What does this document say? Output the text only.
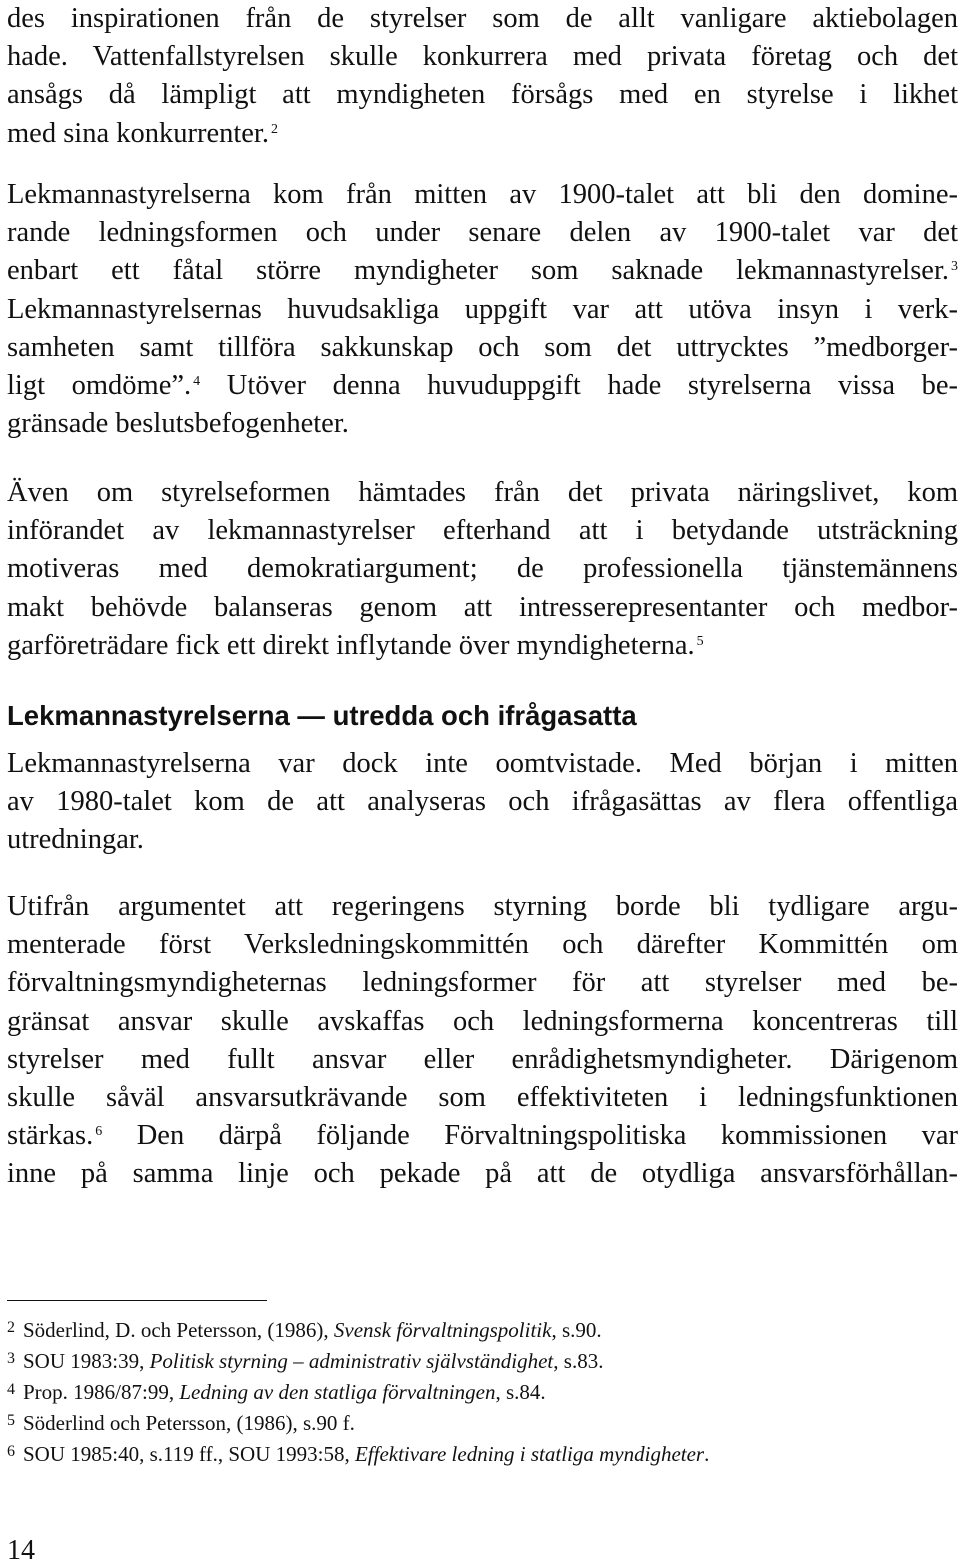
des inspirationen från de styrelser som de allt vanligare aktiebolagen
hade. Vattenfallstyrelsen skulle konkurrera med privata företag och det
ansågs då lämpligt att myndigheten försågs med en styrelse i likhet
med sina konkurrenter. $^2$

Lekmannastyrelserna kom från mitten av 1900-talet att bli den domine-
rande ledningsformen och under senare delen av 1900-talet var det
enbart ett fåtal större myndigheter som saknade lekmannastyrelser. $^3$
Lekmannastyrelsernas huvudsakliga uppgift var att utöva insyn i verk-
samheten samt tillföra sakkunskap och som det uttrycktes ”medborger-
ligt omdöme”. $^4$ Utöver denna huvuduppgift hade styrelserna vissa be-
gränsade beslutsbefogenheter.

Även om styrelseformen hämtades från det privata näringslivet, kom
införandet av lekmannastyrelser efterhand att i betydande utsträckning
motiveras med demokratiargument; de professionella tjänstemännens
makt behövde balanseras genom att intresserepresentanter och medbor-
garföreträdare fick ett direkt inflytande över myndigheterna. $^5$

Lekmannastyrelserna — utredda och ifrågasatta

Lekmannastyrelserna var dock inte oomtvistade. Med början i mitten
av 1980-talet kom de att analyseras och ifrågasättas av flera offentliga
utredningar.

Utifrån argumentet att regeringens styrning borde bli tydligare argu-
menterade först Verksledningskommittén och därefter Kommittén om
förvaltningsmyndigheternas ledningsformer för att styrelser med be-
gränsat ansvar skulle avskaffas och ledningsformerna koncentreras till
styrelser med fullt ansvar eller enrådighetsmyndigheter. Därigenom
skulle såväl ansvarsutkrävande som effektiviteten i ledningsfunktionen
stärkas. $^6$ Den därpå följande Förvaltningspolitiska kommissionen var
inne på samma linje och pekade på att de otydliga ansvarsförhållan-

$^2$ Söderlind, D. och Petersson, (1986), Svensk förvaltningspolitik, s.90.
$^3$ SOU 1983:39, Politisk styrning – administrativ självständighet, s.83.
$^4$ Prop. 1986/87:99, Ledning av den statliga förvaltningen, s.84.
$^5$ Söderlind och Petersson, (1986), s.90 f.
$^6$ SOU 1985:40, s.119 ff., SOU 1993:58, Effektivare ledning i statliga myndigheter.
14
